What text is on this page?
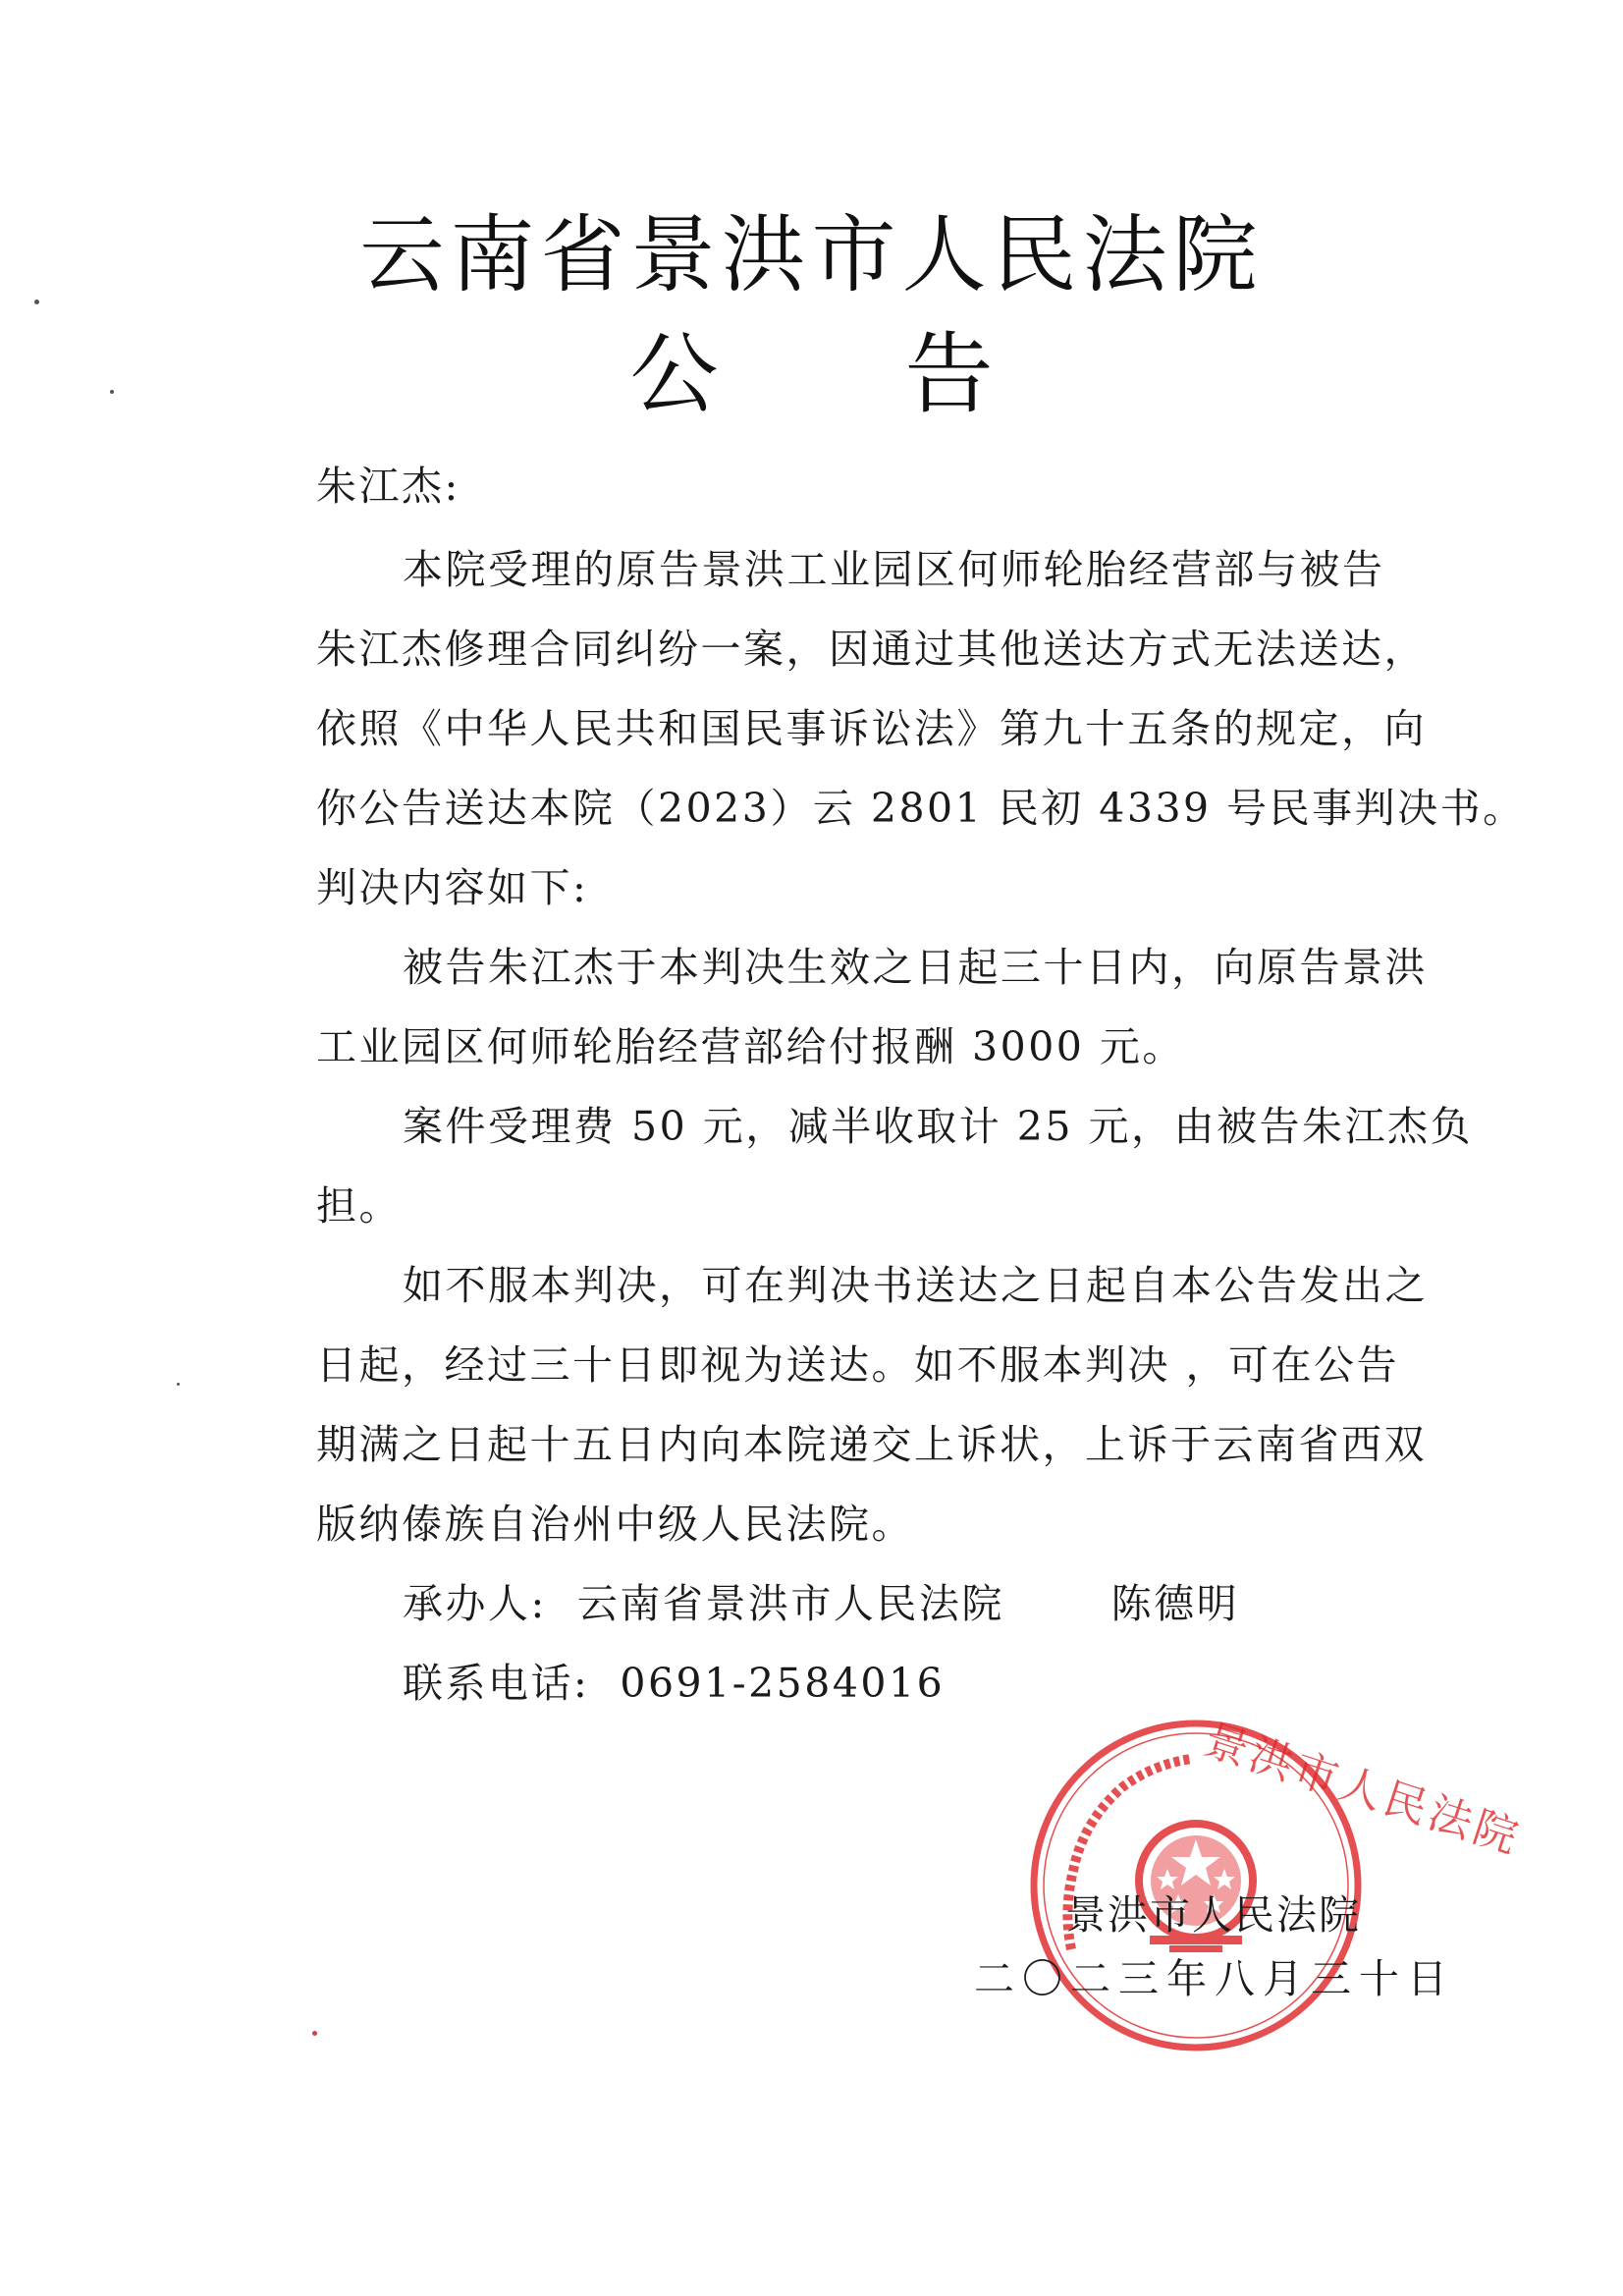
云南省景洪市人民法院
公告
朱江杰:
本院受理的原告景洪工业园区何师轮胎经营部与被告
朱江杰修理合同纠纷一案，因通过其他送达方式无法送达，
依照《中华人民共和国民事诉讼法》第九十五条的规定，向
你公告送达本院（2023）云 2801 民初 4339 号民事判决书。
判决内容如下:
被告朱江杰于本判决生效之日起三十日内，向原告景洪
工业园区何师轮胎经营部给付报酬 3000 元。
案件受理费 50 元，减半收取计 25 元，由被告朱江杰负
担。
如不服本判决，可在判决书送达之日起自本公告发出之
日起，经过三十日即视为送达。如不服本判决 ，可在公告
期满之日起十五日内向本院递交上诉状，上诉于云南省西双
版纳傣族自治州中级人民法院。
承办人:  云南省景洪市人民法院       陈德明
联系电话:  0691-2584016
景洪市人民法院
景洪市人民法院
二〇二三年八月三十日
